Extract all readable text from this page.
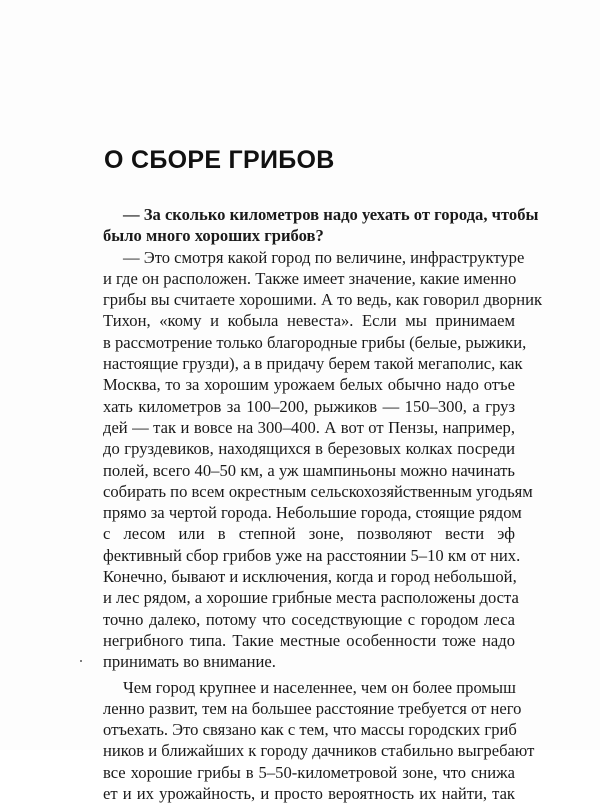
О СБОРЕ ГРИБОВ
— За сколько километров надо уехать от города, чтобы
было много хороших грибов?
— Это смотря какой город по величине, инфраструктуре
и где он расположен. Также имеет значение, какие именно
грибы вы считаете хорошими. А то ведь, как говорил дворник
Тихон, «кому и кобыла невеста». Если мы принимаем
в рассмотрение только благородные грибы (белые, рыжики,
настоящие грузди), а в придачу берем такой мегаполис, как
Москва, то за хорошим урожаем белых обычно надо отъе
хать километров за 100–200, рыжиков — 150–300, а груз
дей — так и вовсе на 300–400. А вот от Пензы, например,
до груздевиков, находящихся в березовых колках посреди
полей, всего 40–50 км, а уж шампиньоны можно начинать
собирать по всем окрестным сельскохозяйственным угодьям
прямо за чертой города. Небольшие города, стоящие рядом
с лесом или в степной зоне, позволяют вести эф
фективный сбор грибов уже на расстоянии 5–10 км от них.
Конечно, бывают и исключения, когда и город небольшой,
и лес рядом, а хорошие грибные места расположены доста
точно далеко, потому что соседствующие с городом леса
негрибного типа. Такие местные особенности тоже надо
принимать во внимание.
Чем город крупнее и населеннее, чем он более промыш
ленно развит, тем на большее расстояние требуется от него
отъехать. Это связано как с тем, что массы городских гриб
ников и ближайших к городу дачников стабильно выгребают
все хорошие грибы в 5–50-километровой зоне, что снижа
ет и их урожайность, и просто вероятность их найти, так
